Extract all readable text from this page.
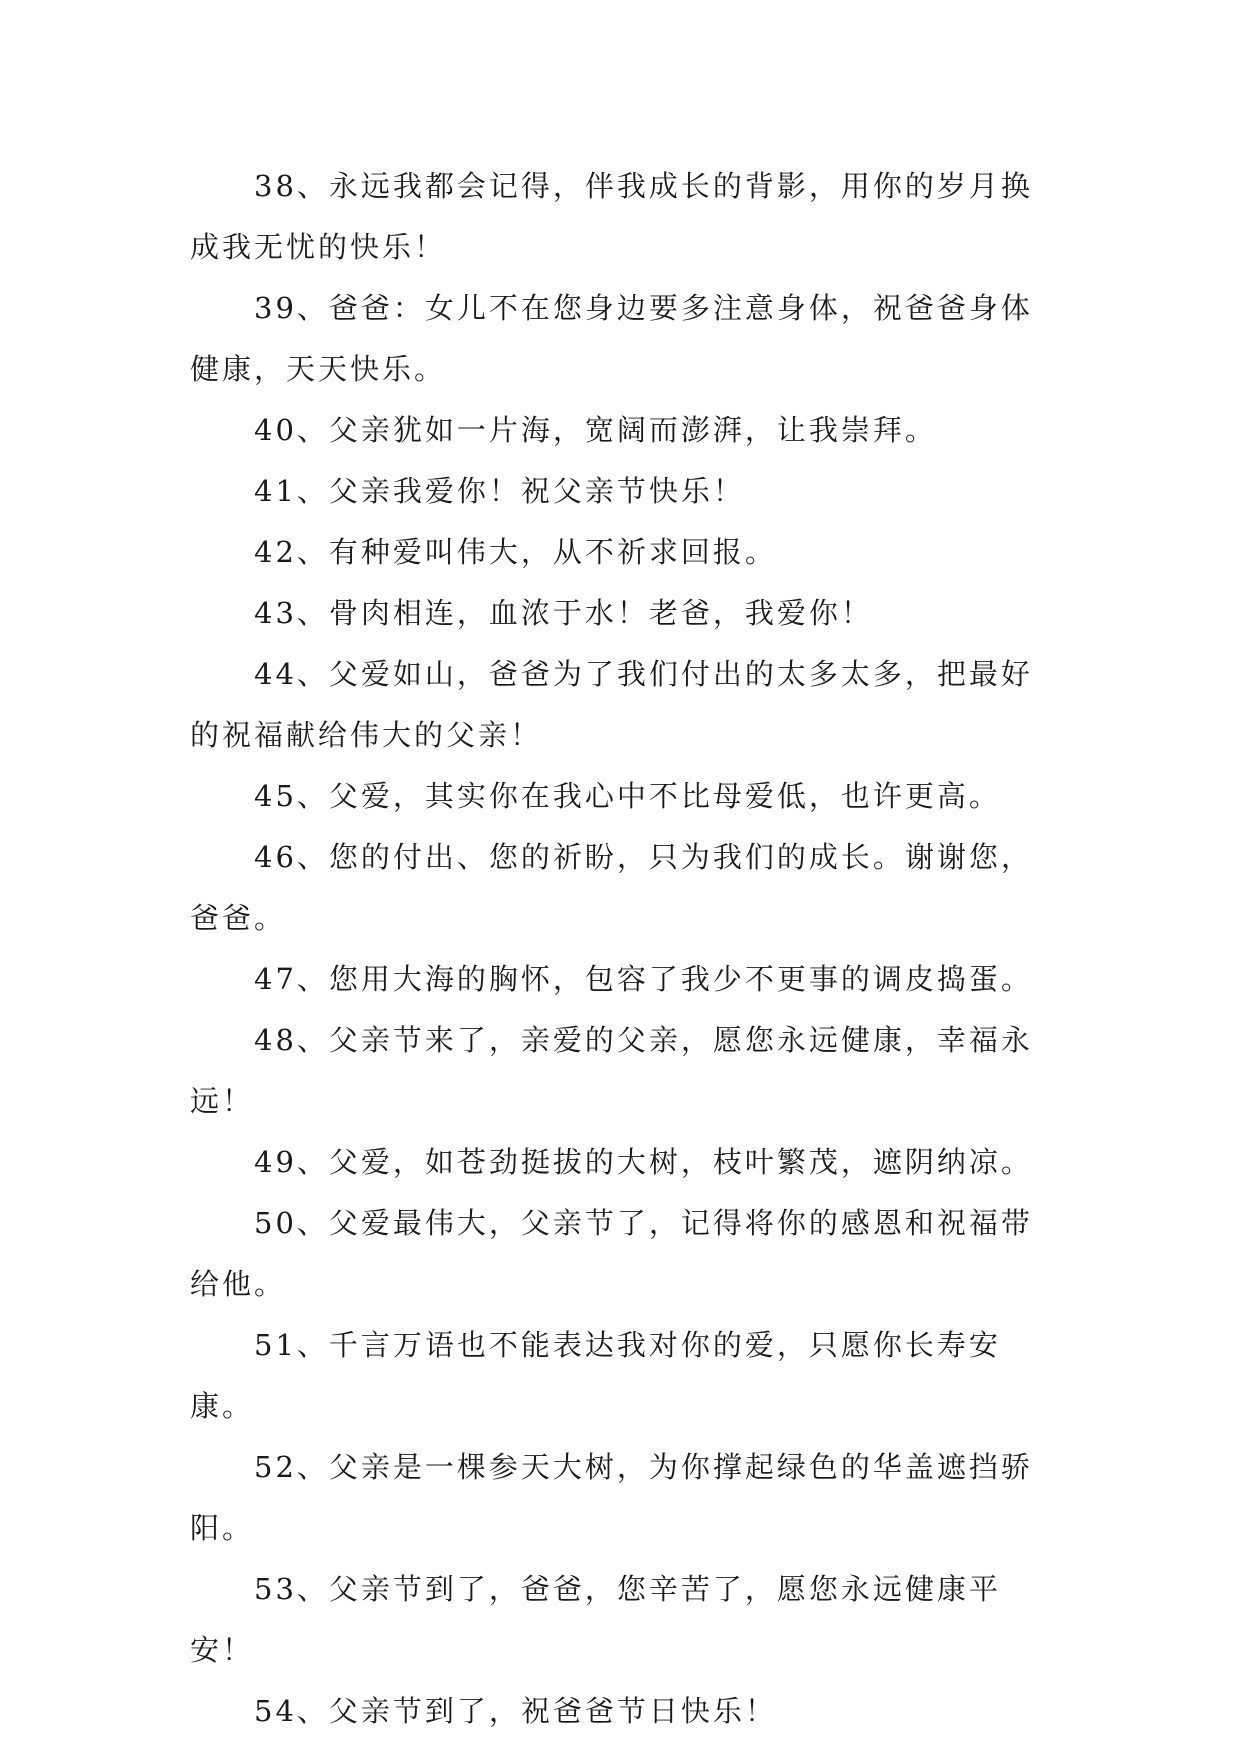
38、永远我都会记得，伴我成长的背影，用你的岁月换成我无忧的快乐！

39、爸爸：女儿不在您身边要多注意身体，祝爸爸身体健康，天天快乐。

40、父亲犹如一片海，宽阔而澎湃，让我崇拜。

41、父亲我爱你！祝父亲节快乐！

42、有种爱叫伟大，从不祈求回报。

43、骨肉相连，血浓于水！老爸，我爱你！

44、父爱如山，爸爸为了我们付出的太多太多，把最好的祝福献给伟大的父亲！

45、父爱，其实你在我心中不比母爱低，也许更高。

46、您的付出、您的祈盼，只为我们的成长。谢谢您，爸爸。

47、您用大海的胸怀，包容了我少不更事的调皮捣蛋。

48、父亲节来了，亲爱的父亲，愿您永远健康，幸福永远！

49、父爱，如苍劲挺拔的大树，枝叶繁茂，遮阴纳凉。

50、父爱最伟大，父亲节了，记得将你的感恩和祝福带给他。

51、千言万语也不能表达我对你的爱，只愿你长寿安康。

52、父亲是一棵参天大树，为你撑起绿色的华盖遮挡骄阳。

53、父亲节到了，爸爸，您辛苦了，愿您永远健康平安！

54、父亲节到了，祝爸爸节日快乐！
